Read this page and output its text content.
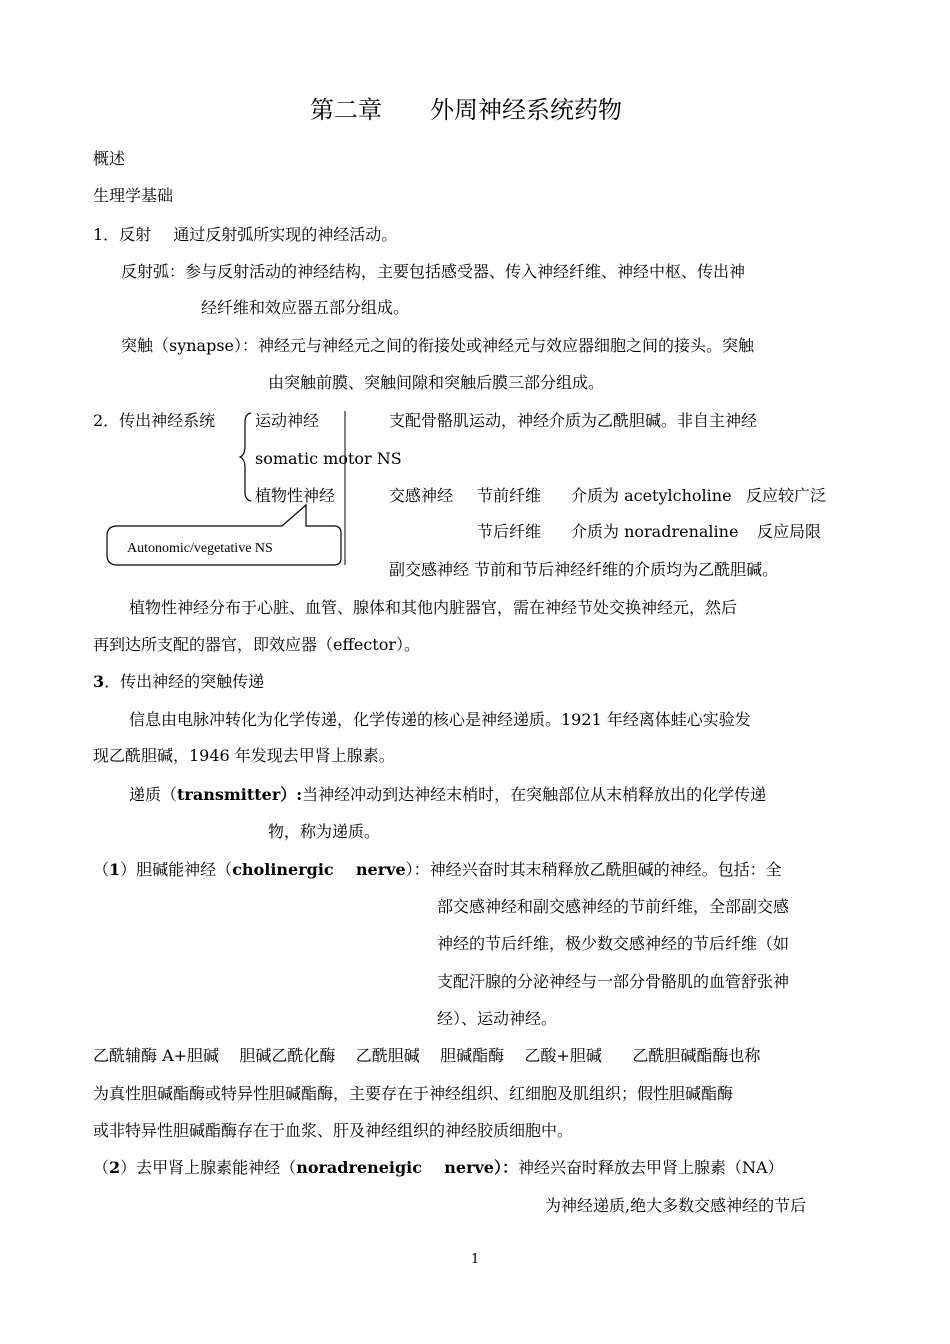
第二章 外周神经系统药物
概述
生理学基础
1．反射 通过反射弧所实现的神经活动。
反射弧：参与反射活动的神经结构，主要包括感受器、传入神经纤维、神经中枢、传出神
经纤维和效应器五部分组成。
突触（synapse）：神经元与神经元之间的衔接处或神经元与效应器细胞之间的接头。突触
由突触前膜、突触间隙和突触后膜三部分组成。
2．传出神经系统 运动神经	支配骨骼肌运动，神经介质为乙酰胆碱。非自主神经
somatic motor NS
植物性神经	交感神经 节前纤维 介质为 acetylcholine 反应较广泛
节后纤维 介质为 noradrenaline 反应局限
副交感神经 节前和节后神经纤维的介质均为乙酰胆碱。
Autonomic/vegetative NS
植物性神经分布于心脏、血管、腺体和其他内脏器官，需在神经节处交换神经元，然后
再到达所支配的器官，即效应器（effector）。
3．传出神经的突触传递
信息由电脉冲转化为化学传递，化学传递的核心是神经递质。1921 年经离体蛙心实验发
现乙酰胆碱，1946 年发现去甲肾上腺素。
递质（transmitter）:当神经冲动到达神经末梢时，在突触部位从末梢释放出的化学传递
物，称为递质。
（1）胆碱能神经（cholinergic    nerve）：神经兴奋时其末稍释放乙酰胆碱的神经。包括：全
部交感神经和副交感神经的节前纤维，全部副交感
神经的节后纤维，极少数交感神经的节后纤维（如
支配汗腺的分泌神经与一部分骨骼肌的血管舒张神
经）、运动神经。
乙酰辅酶 A+胆碱    胆碱乙酰化酶    乙酰胆碱    胆碱酯酶    乙酸+胆碱      乙酰胆碱酯酶也称
为真性胆碱酯酶或特异性胆碱酯酶，主要存在于神经组织、红细胞及肌组织；假性胆碱酯酶
或非特异性胆碱酯酶存在于血浆、肝及神经组织的神经胶质细胞中。
（2）去甲肾上腺素能神经（noradreneigic    nerve）：神经兴奋时释放去甲肾上腺素（NA）
为神经递质,绝大多数交感神经的节后
1
